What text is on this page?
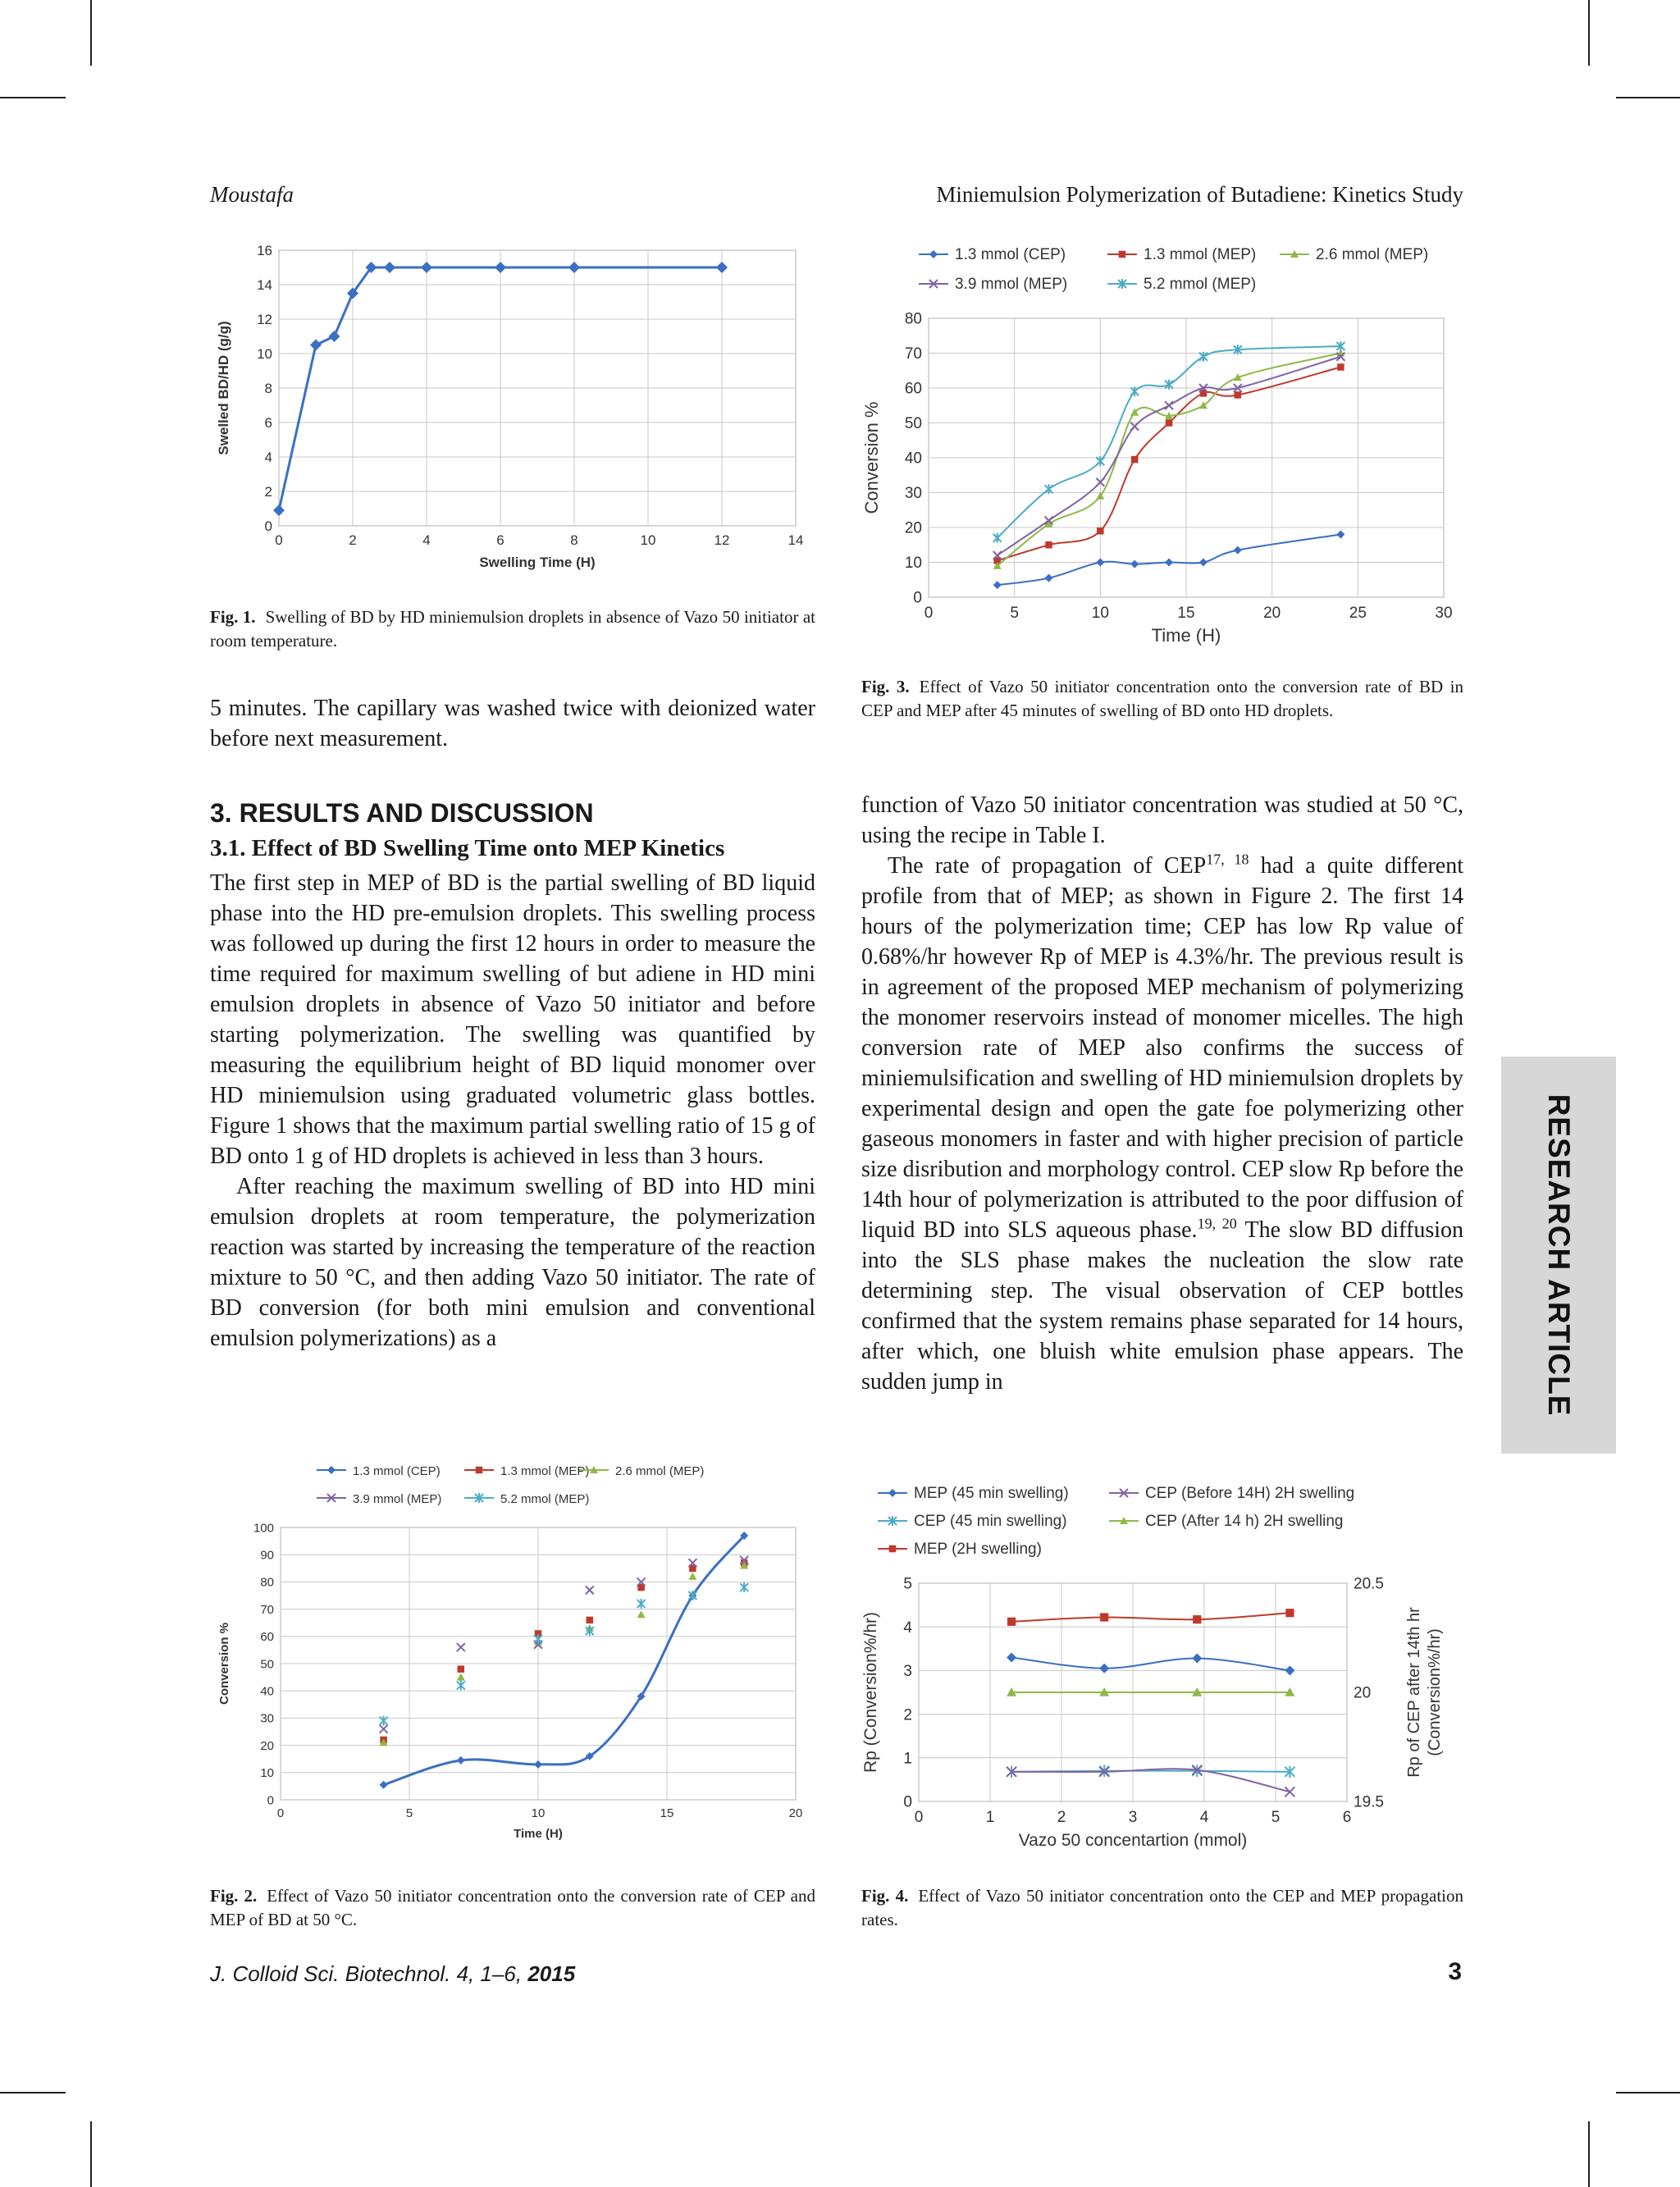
Moustafa	Miniemulsion Polymerization of Butadiene: Kinetics Study
0	2	4	6	8	10	12	14
0
2
4
6
8
10
12
14
16
Swelling Time (H)
Swelled BD/HD (g/g)
Fig. 1. Swelling of BD by HD miniemulsion droplets in absence of Vazo 50 initiator at room temperature.
0	5	10	15	20	25	30
0
10
20
30
40
50
60
70
80
Time (H)
Conversion %
1.3 mmol (CEP)	1.3 mmol (MEP)	2.6 mmol (MEP)
3.9 mmol (MEP)	5.2 mmol (MEP)
Fig. 3. Effect of Vazo 50 initiator concentration onto the conversion rate of BD in CEP and MEP after 45 minutes of swelling of BD onto HD droplets.

5 minutes. The capillary was washed twice with deionized water before next measurement.

3. RESULTS AND DISCUSSION
3.1. Effect of BD Swelling Time onto MEP Kinetics

The first step in MEP of BD is the partial swelling of BD liquid phase into the HD pre-emulsion droplets. This swelling process was followed up during the first 12 hours in order to measure the time required for maximum swelling of but adiene in HD mini emulsion droplets in absence of Vazo 50 initiator and before starting polymerization. The swelling was quantified by measuring the equilibrium height of BD liquid monomer over HD miniemulsion using graduated volumetric glass bottles. Figure 1 shows that the maximum partial swelling ratio of 15 g of BD onto 1 g of HD droplets is achieved in less than 3 hours.

After reaching the maximum swelling of BD into HD mini emulsion droplets at room temperature, the polymerization reaction was started by increasing the temperature of the reaction mixture to 50 °C, and then adding Vazo 50 initiator. The rate of BD conversion (for both mini emulsion and conventional emulsion polymerizations) as a

function of Vazo 50 initiator concentration was studied at 50 °C, using the recipe in Table I.

The rate of propagation of CEP$^{17, 18}$ had a quite different profile from that of MEP; as shown in Figure 2. The first 14 hours of the polymerization time; CEP has low Rp value of 0.68%/hr however Rp of MEP is 4.3%/hr. The previous result is in agreement of the proposed MEP mechanism of polymerizing the monomer reservoirs instead of monomer micelles. The high conversion rate of MEP also confirms the success of miniemulsification and swelling of HD miniemulsion droplets by experimental design and open the gate foe polymerizing other gaseous monomers in faster and with higher precision of particle size disribution and morphology control. CEP slow Rp before the 14th hour of polymerization is attributed to the poor diffusion of liquid BD into SLS aqueous phase.$^{19, 20}$ The slow BD diffusion into the SLS phase makes the nucleation the slow rate determining step. The visual observation of CEP bottles confirmed that the system remains phase separated for 14 hours, after which, one bluish white emulsion phase appears. The sudden jump in	RESEARCH ARTICLE
0	5	10	15	20
0
10
20
30
40
50
60
70
80
90
100
Time (H)
Conversion %
1.3 mmol (CEP)	1.3 mmol (MEP) 2.6 mmol (MEP)
3.9 mmol (MEP)	5.2 mmol (MEP)
Fig. 2. Effect of Vazo 50 initiator concentration onto the conversion rate of CEP and MEP of BD at 50 °C.
0	1	2	3	4	5	6
0
1
2
3
4
5
19.5
20
20.5
Vazo 50 concentartion (mmol)
Rp (Conversion%/hr)	Rp of CEP after 14th hr (Conversion%/hr)
MEP (45 min swelling)
CEP (45 min swelling)
MEP (2H swelling)
CEP (Before 14H) 2H swelling
CEP (After 14 h) 2H swelling
Fig. 4. Effect of Vazo 50 initiator concentration onto the CEP and MEP propagation rates.
J. Colloid Sci. Biotechnol. 4, 1–6, 2015	3
